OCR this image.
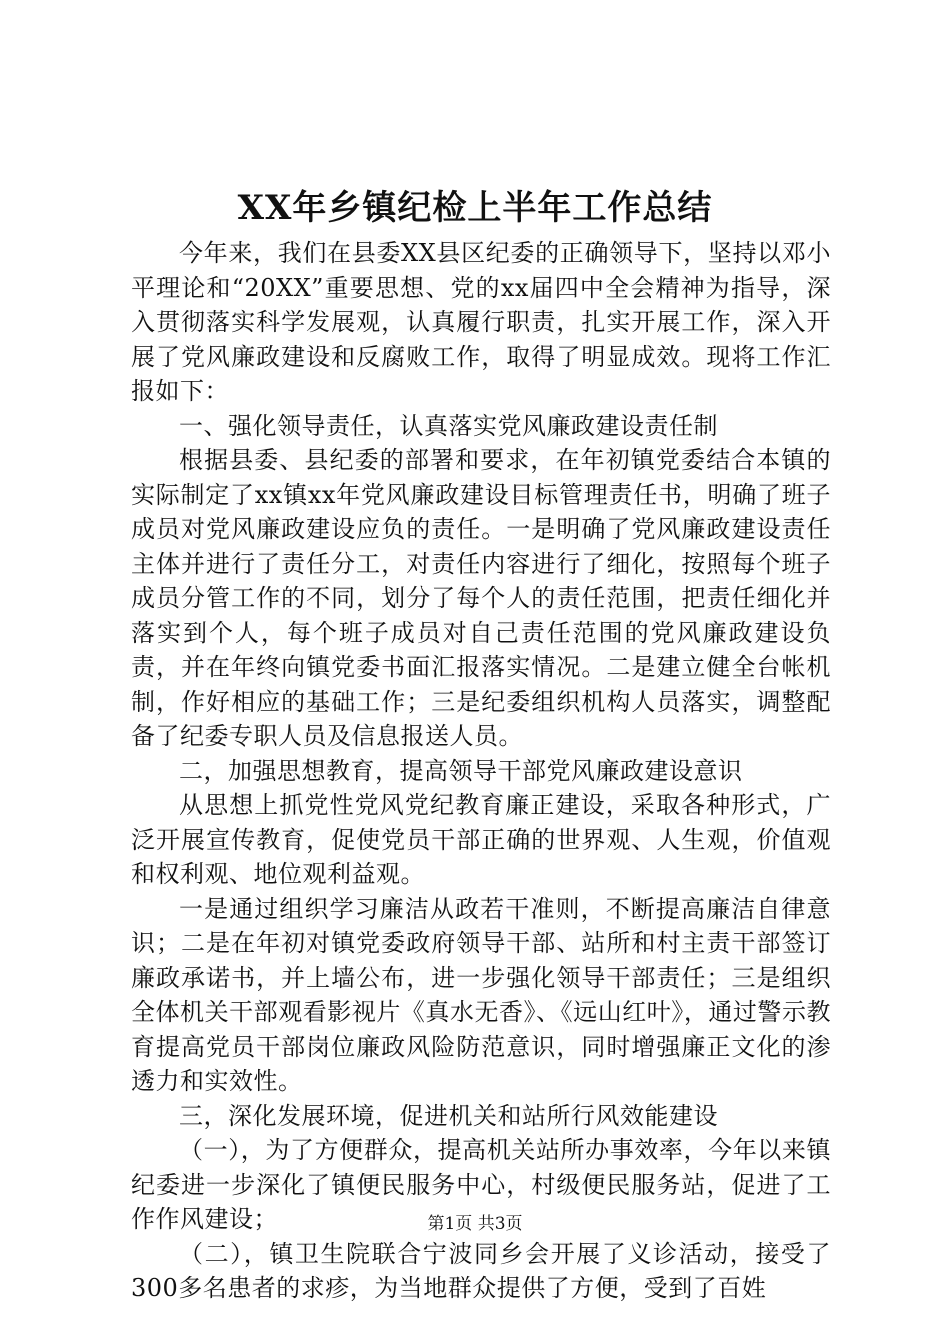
XX年乡镇纪检上半年工作总结

今年来，我们在县委XX县区纪委的正确领导下，坚持以邓小平理论和“20XX”重要思想、党的xx届四中全会精神为指导，深入贯彻落实科学发展观，认真履行职责，扎实开展工作，深入开展了党风廉政建设和反腐败工作，取得了明显成效。现将工作汇报如下：

一、强化领导责任，认真落实党风廉政建设责任制

根据县委、县纪委的部署和要求，在年初镇党委结合本镇的实际制定了xx镇xx年党风廉政建设目标管理责任书，明确了班子成员对党风廉政建设应负的责任。一是明确了党风廉政建设责任主体并进行了责任分工，对责任内容进行了细化，按照每个班子成员分管工作的不同，划分了每个人的责任范围，把责任细化并落实到个人，每个班子成员对自己责任范围的党风廉政建设负责，并在年终向镇党委书面汇报落实情况。二是建立健全台帐机制，作好相应的基础工作；三是纪委组织机构人员落实，调整配备了纪委专职人员及信息报送人员。

二，加强思想教育，提高领导干部党风廉政建设意识

从思想上抓党性党风党纪教育廉正建设，采取各种形式，广泛开展宣传教育，促使党员干部正确的世界观、人生观，价值观和权利观、地位观利益观。

一是通过组织学习廉洁从政若干准则，不断提高廉洁自律意识；二是在年初对镇党委政府领导干部、站所和村主责干部签订廉政承诺书，并上墙公布，进一步强化领导干部责任；三是组织全体机关干部观看影视片《真水无香》、《远山红叶》，通过警示教育提高党员干部岗位廉政风险防范意识，同时增强廉正文化的渗透力和实效性。

三，深化发展环境，促进机关和站所行风效能建设

（一），为了方便群众，提高机关站所办事效率，今年以来镇纪委进一步深化了镇便民服务中心，村级便民服务站，促进了工作作风建设；

（二），镇卫生院联合宁波同乡会开展了义诊活动，接受了300多名患者的求疹，为当地群众提供了方便，受到了百姓

第1页 共3页
